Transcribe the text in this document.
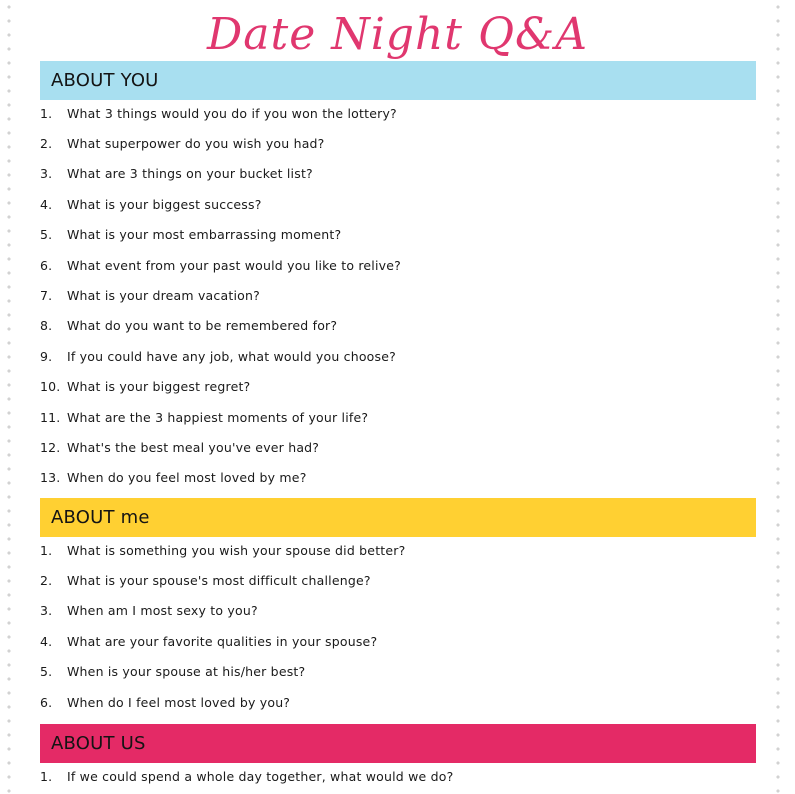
Date Night Q&A
ABOUT YOU
1.	What 3 things would you do if you won the lottery?
2.	What superpower do you wish you had?
3.	What are 3 things on your bucket list?
4.	What is your biggest success?
5.	What is your most embarrassing moment?
6.	What event from your past would you like to relive?
7.	What is your dream vacation?
8.	What do you want to be remembered for?
9.	If you could have any job, what would you choose?
10. What is your biggest regret?
11. What are the 3 happiest moments of your life?
12. What's the best meal you've ever had?
13. When do you feel most loved by me?
ABOUT me
1.	What is something you wish your spouse did better?
2.	What is your spouse's most difficult challenge?
3.	When am I most sexy to you?
4.	What are your favorite qualities in your spouse?
5.	When is your spouse at his/her best?
6.	When do I feel most loved by you?
ABOUT US
1.	If we could spend a whole day together, what would we do?
